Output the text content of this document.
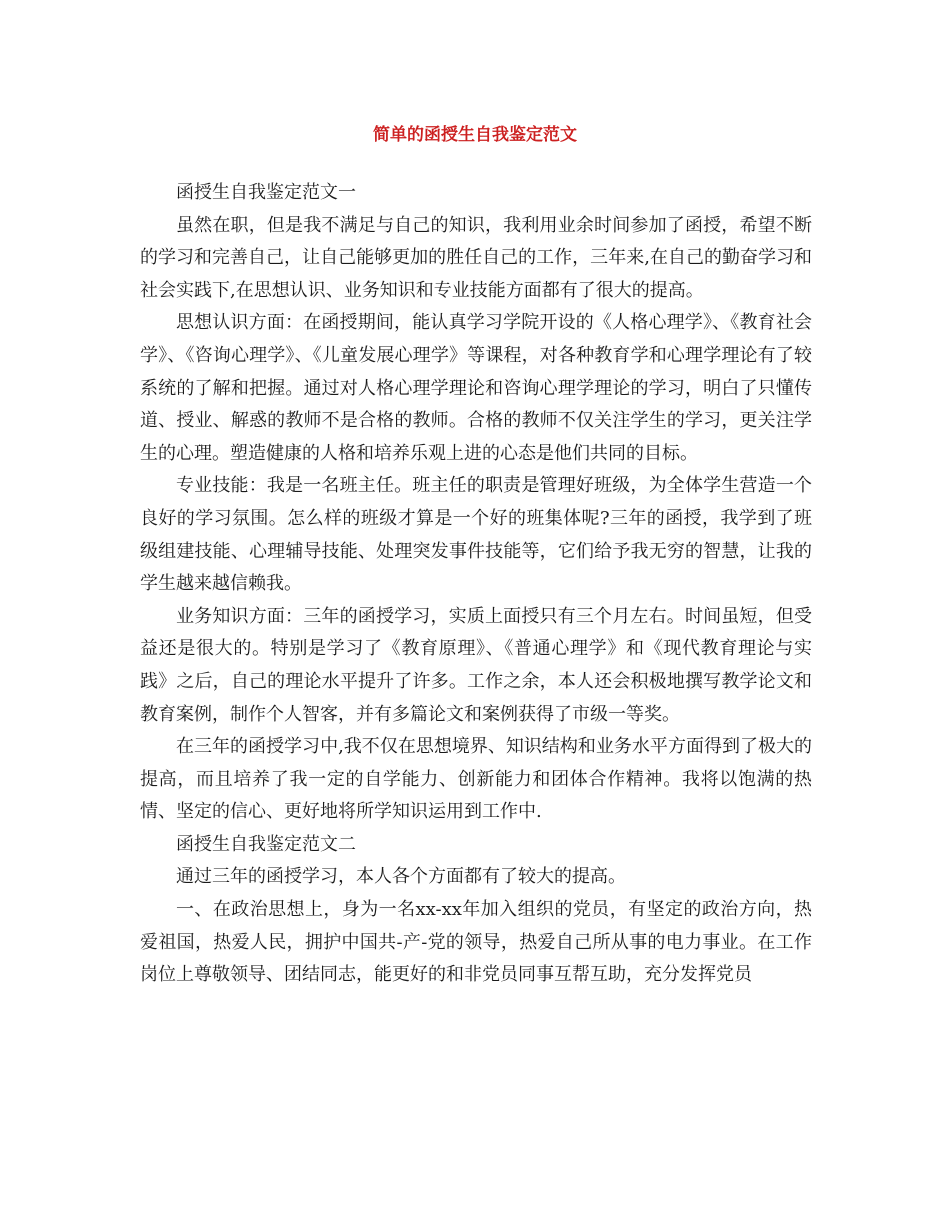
简单的函授生自我鉴定范文

函授生自我鉴定范文一

虽然在职，但是我不满足与自己的知识，我利用业余时间参加了函授，希望不断的学习和完善自己，让自己能够更加的胜任自己的工作，三年来,在自己的勤奋学习和社会实践下,在思想认识、业务知识和专业技能方面都有了很大的提高。

思想认识方面：在函授期间，能认真学习学院开设的《人格心理学》、《教育社会学》、《咨询心理学》、《儿童发展心理学》等课程，对各种教育学和心理学理论有了较系统的了解和把握。通过对人格心理学理论和咨询心理学理论的学习，明白了只懂传道、授业、解惑的教师不是合格的教师。合格的教师不仅关注学生的学习，更关注学生的心理。塑造健康的人格和培养乐观上进的心态是他们共同的目标。

专业技能：我是一名班主任。班主任的职责是管理好班级，为全体学生营造一个良好的学习氛围。怎么样的班级才算是一个好的班集体呢?三年的函授，我学到了班级组建技能、心理辅导技能、处理突发事件技能等，它们给予我无穷的智慧，让我的学生越来越信赖我。

业务知识方面：三年的函授学习，实质上面授只有三个月左右。时间虽短，但受益还是很大的。特别是学习了《教育原理》、《普通心理学》和《现代教育理论与实践》之后，自己的理论水平提升了许多。工作之余，本人还会积极地撰写教学论文和教育案例，制作个人智客，并有多篇论文和案例获得了市级一等奖。

在三年的函授学习中,我不仅在思想境界、知识结构和业务水平方面得到了极大的提高，而且培养了我一定的自学能力、创新能力和团体合作精神。我将以饱满的热情、坚定的信心、更好地将所学知识运用到工作中.

函授生自我鉴定范文二

通过三年的函授学习，本人各个方面都有了较大的提高。

一、在政治思想上，身为一名xx-xx年加入组织的党员，有坚定的政治方向，热爱祖国，热爱人民，拥护中国共-产-党的领导，热爱自己所从事的电力事业。在工作岗位上尊敬领导、团结同志，能更好的和非党员同事互帮互助，充分发挥党员
